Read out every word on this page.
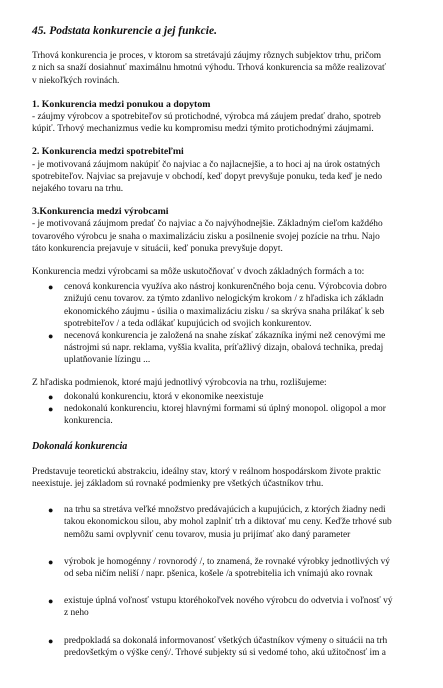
45. Podstata konkurencie a jej funkcie.
Trhová konkurencia je proces, v ktorom sa stretávajú záujmy rôznych subjektov trhu, pričom
z nich sa snaží dosiahnuť maximálnu hmotnú výhodu. Trhová konkurencia sa môže realizovať
v niekoľkých rovinách.
1. Konkurencia medzi ponukou a dopytom
- záujmy výrobcov a spotrebiteľov sú protichodné, výrobca má záujem predať draho, spotreb
kúpiť. Trhový mechanizmus vedie ku kompromisu medzi týmito protichodnými záujmami.
2. Konkurencia medzi spotrebiteľmi
- je motivovaná záujmom nakúpiť čo najviac a čo najlacnejšie, a to hoci aj na úrok ostatných
spotrebiteľov. Najviac sa prejavuje v obchodí, keď dopyt prevyšuje ponuku, teda keď je nedo
nejakého tovaru na trhu.
3.Konkurencia medzi výrobcami
- je motivovaná záujmom predať čo najviac a čo najvýhodnejšie. Základným cieľom každého
tovarového výrobcu je snaha o maximalizáciu zisku a posilnenie svojej pozície na trhu. Najo
táto konkurencia prejavuje v situácii, keď ponuka prevyšuje dopyt.
Konkurencia medzi výrobcami sa môže uskutočňovať v dvoch základných formách a to:
● cenová konkurencia využíva ako nástroj konkurenčného boja cenu. Výrobcovia dobro
znižujú cenu tovarov. za týmto zdanlivo nelogickým krokom / z hľadiska ich základn
ekonomického záujmu - úsilia o maximalizáciu zisku / sa skrýva snaha prilákať k seb
spotrebiteľov / a teda odlákať kupujúcich od svojich konkurentov.
● necenová konkurencia je založená na snahe získať zákazníka inými než cenovými me
nástrojmi sú napr. reklama, vyššia kvalita, príťažlivý dizajn, obalová technika, predaj
uplatňovanie lízingu ...
Z hľadiska podmienok, ktoré majú jednotlivý výrobcovia na trhu, rozlišujeme:
● dokonalú konkurenciu, ktorá v ekonomike neexistuje
● nedokonalú konkurenciu, ktorej hlavnými formami sú úplný monopol. oligopol a mor
konkurencia.
Dokonalá konkurencia
Predstavuje teoretickú abstrakciu, ideálny stav, ktorý v reálnom hospodárskom živote praktic
neexistuje. jej základom sú rovnaké podmienky pre všetkých účastníkov trhu.
● na trhu sa stretáva veľké množstvo predávajúcich a kupujúcich, z ktorých žiadny nedi
takou ekonomickou silou, aby mohol zaplniť trh a diktovať mu ceny. Keďže trhové sub
nemôžu sami ovplyvniť cenu tovarov, musia ju prijímať ako daný parameter
● výrobok je homogénny / rovnorodý /, to znamená, že rovnaké výrobky jednotlivých vý
od seba ničím neliší / napr. pšenica, košele /a spotrebitelia ich vnímajú ako rovnak
● existuje úplná voľnosť vstupu ktoréhokoľvek nového výrobcu do odvetvia i voľnosť vý
z neho
● predpokladá sa dokonalá informovanosť všetkých účastníkov výmeny o situácii na trh
predovšetkým o výške cený/. Trhové subjekty sú si vedomé toho, akú užitočnosť im a
